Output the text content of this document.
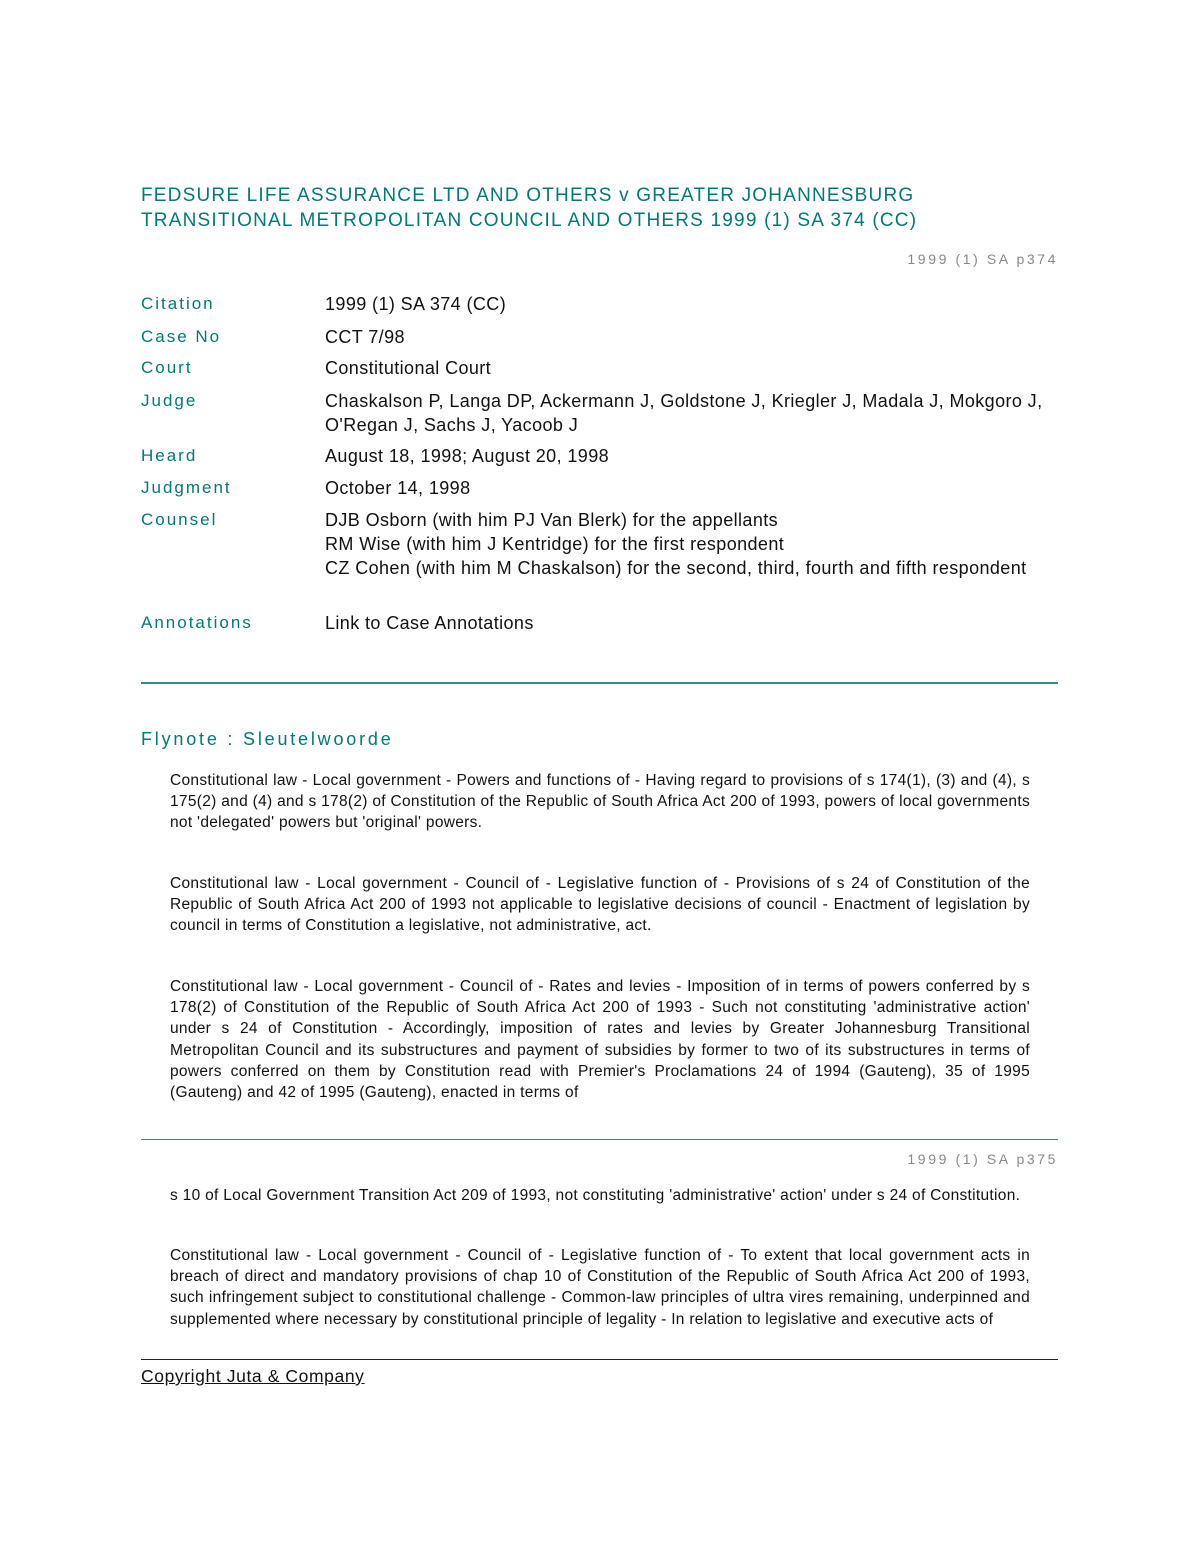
FEDSURE LIFE ASSURANCE LTD AND OTHERS v GREATER JOHANNESBURG TRANSITIONAL METROPOLITAN COUNCIL AND OTHERS 1999 (1) SA 374 (CC)
1999 (1) SA p374
Citation	1999 (1) SA 374 (CC)
Case No	CCT 7/98
Court	Constitutional Court
Judge	Chaskalson P, Langa DP, Ackermann J, Goldstone J, Kriegler J, Madala J, Mokgoro J, O'Regan J, Sachs J, Yacoob J
Heard	August 18, 1998; August 20, 1998
Judgment	October 14, 1998
Counsel	DJB Osborn (with him PJ Van Blerk) for the appellants
RM Wise (with him J Kentridge) for the first respondent
CZ Cohen (with him M Chaskalson) for the second, third, fourth and fifth respondent
Annotations	Link to Case Annotations
Flynote : Sleutelwoorde

Constitutional law - Local government - Powers and functions of - Having regard to provisions of s 174(1), (3) and (4), s 175(2) and (4) and s 178(2) of Constitution of the Republic of South Africa Act 200 of 1993, powers of local governments not 'delegated' powers but 'original' powers.

Constitutional law - Local government - Council of - Legislative function of - Provisions of s 24 of Constitution of the Republic of South Africa Act 200 of 1993 not applicable to legislative decisions of council - Enactment of legislation by council in terms of Constitution a legislative, not administrative, act.

Constitutional law - Local government - Council of - Rates and levies - Imposition of in terms of powers conferred by s 178(2) of Constitution of the Republic of South Africa Act 200 of 1993 - Such not constituting 'administrative action' under s 24 of Constitution - Accordingly, imposition of rates and levies by Greater Johannesburg Transitional Metropolitan Council and its substructures and payment of subsidies by former to two of its substructures in terms of powers conferred on them by Constitution read with Premier's Proclamations 24 of 1994 (Gauteng), 35 of 1995 (Gauteng) and 42 of 1995 (Gauteng), enacted in terms of

1999 (1) SA p375

s 10 of Local Government Transition Act 209 of 1993, not constituting 'administrative' action' under s 24 of Constitution.

Constitutional law - Local government - Council of - Legislative function of - To extent that local government acts in breach of direct and mandatory provisions of chap 10 of Constitution of the Republic of South Africa Act 200 of 1993, such infringement subject to constitutional challenge - Common-law principles of ultra vires remaining, underpinned and supplemented where necessary by constitutional principle of legality - In relation to legislative and executive acts of

Copyright Juta & Company
